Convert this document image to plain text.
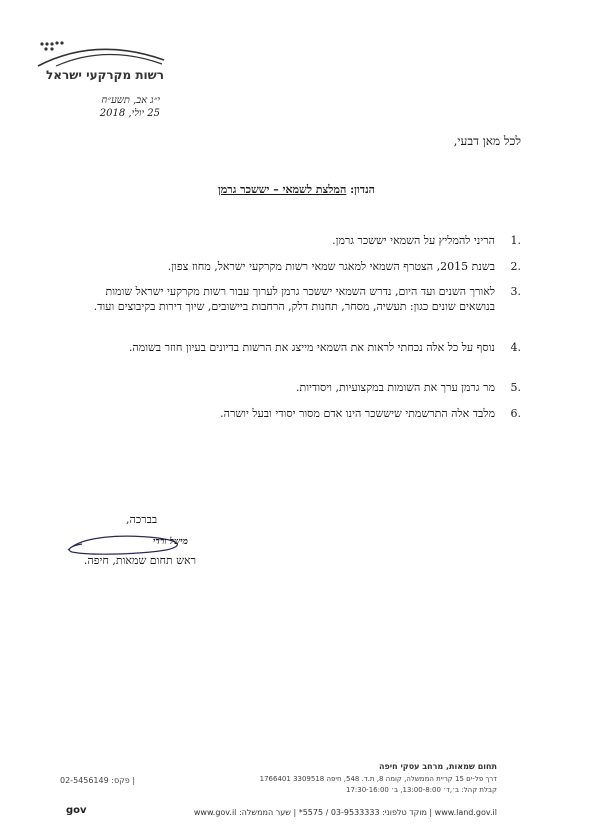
רשות מקרקעי ישראל
י״ג אב, תשע״ח
25 יולי, 2018
לכל מאן דבעי,
הנדון: המלצת לשמאי – יששכר גרמן
.1
הריני להמליץ על השמאי יששכר גרמן.
.2
בשנת 2015, הצטרף השמאי למאגר שמאי רשות מקרקעי ישראל, מחוז צפון.
.3
לאורך השנים ועד היום, נדרש השמאי יששכר גרמן לערוך עבור רשות מקרקעי ישראל שומות בנושאים שונים כגון: תעשיה, מסחר, תחנות דלק, הרחבות ביישובים, שיוך דירות בקיבוצים ועוד.
.4
נוסף על כל אלה נכחתי לראות את השמאי מייצג את הרשות בדיונים בעיון חוזר בשומה.
.5
מר גרמן ערך את השומות במקצועיות, ויסודיות.
.6
מלבד אלה התרשמתי שיששכר הינו אדם מסור יסודי ובעל יושרה.
בברכה,
מישל ורדי
ראש תחום שמאות, חיפה.
תחום שמאות, מרחב עסקי חיפה
דרך פל-ים 15 קריית הממשלה, קומה 8, ת.ד. 548, חיפה 3309518 1766401
פקס: 02-5456149 |
קבלת קהל: ב׳,ד׳ 13:00-8:00, ב׳ 17:30-16:00
www.land.gov.il | מוקד טלפוני: 03-9533333 / 5575* | שער הממשלה: www.gov.il
gov
